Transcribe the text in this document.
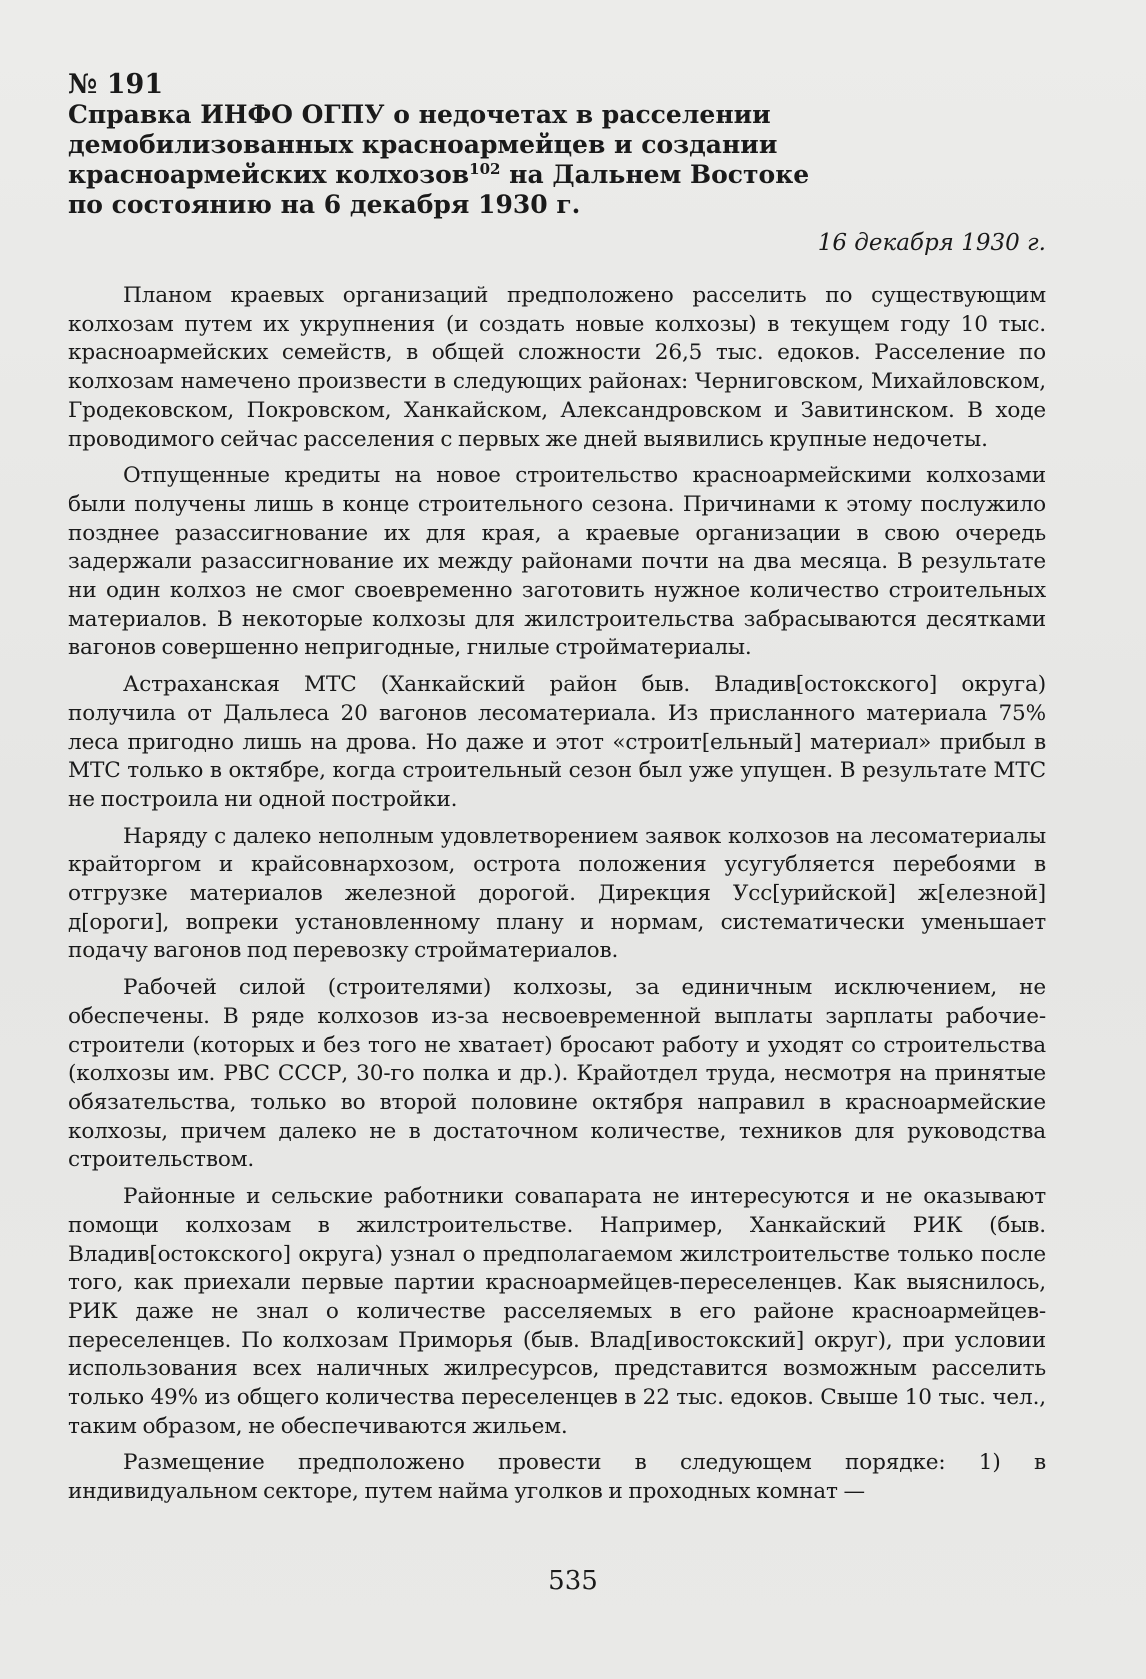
№ 191
Справка ИНФО ОГПУ о недочетах в расселении
демобилизованных красноармейцев и создании
красноармейских колхозов$^{102}$ на Дальнем Востоке
по состоянию на 6 декабря 1930 г.
16 декабря 1930 г.

Планом краевых организаций предположено расселить по существующим колхозам путем их укрупнения (и создать новые колхозы) в текущем году 10 тыс. красноармейских семейств, в общей сложности 26,5 тыс. едоков. Расселение по колхозам намечено произвести в следующих районах: Черниговском, Михайловском, Гродековском, Покровском, Ханкайском, Александровском и Завитинском. В ходе проводимого сейчас расселения с первых же дней выявились крупные недочеты.

Отпущенные кредиты на новое строительство красноармейскими колхозами были получены лишь в конце строительного сезона. Причинами к этому послужило позднее разассигнование их для края, а краевые организации в свою очередь задержали разассигнование их между районами почти на два месяца. В результате ни один колхоз не смог своевременно заготовить нужное количество строительных материалов. В некоторые колхозы для жилстроительства забрасываются десятками вагонов совершенно непригодные, гнилые стройматериалы.

Астраханская МТС (Ханкайский район быв. Владив[остокского] округа) получила от Дальлеса 20 вагонов лесоматериала. Из присланного материала 75% леса пригодно лишь на дрова. Но даже и этот «строит[ельный] материал» прибыл в МТС только в октябре, когда строительный сезон был уже упущен. В результате МТС не построила ни одной постройки.

Наряду с далеко неполным удовлетворением заявок колхозов на лесоматериалы крайторгом и крайсовнархозом, острота положения усугубляется перебоями в отгрузке материалов железной дорогой. Дирекция Усс[урийской] ж[елезной] д[ороги], вопреки установленному плану и нормам, систематически уменьшает подачу вагонов под перевозку стройматериалов.

Рабочей силой (строителями) колхозы, за единичным исключением, не обеспечены. В ряде колхозов из-за несвоевременной выплаты зарплаты рабочие- строители (которых и без того не хватает) бросают работу и уходят со строительства (колхозы им. РВС СССР, 30-го полка и др.). Крайотдел труда, несмотря на принятые обязательства, только во второй половине октября направил в красноармейские колхозы, причем далеко не в достаточном количестве, техников для руководства строительством.

Районные и сельские работники совапарата не интересуются и не оказывают помощи колхозам в жилстроительстве. Например, Ханкайский РИК (быв. Владив[остокского] округа) узнал о предполагаемом жилстроительстве только после того, как приехали первые партии красноармейцев-переселенцев. Как выяснилось, РИК даже не знал о количестве расселяемых в его районе красноармейцев-переселенцев. По колхозам Приморья (быв. Влад[ивостокский] округ), при условии использования всех наличных жилресурсов, представится возможным расселить только 49% из общего количества переселенцев в 22 тыс. едоков. Свыше 10 тыс. чел., таким образом, не обеспечиваются жильем.

Размещение предположено провести в следующем порядке: 1) в индивидуальном секторе, путем найма уголков и проходных комнат —

535
